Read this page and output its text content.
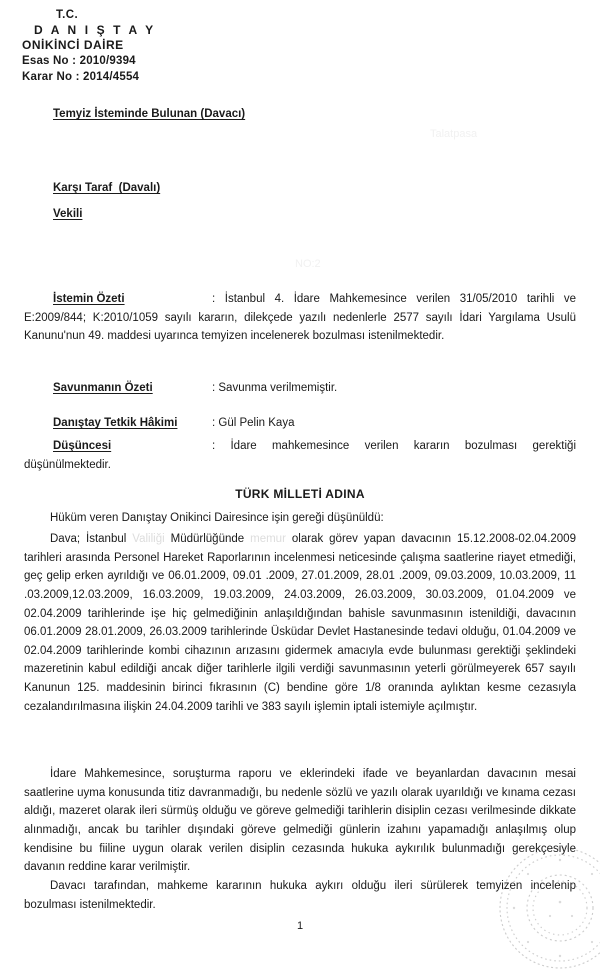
T.C.
D A N I Ş T A Y
ONİKİNCİ DAİRE
Esas No : 2010/9394
Karar No : 2014/4554
Temyiz İsteminde Bulunan (Davacı)
Talatpasa
NO:2
Karşı Taraf  (Davalı)
Vekili

İstemin Özeti	: İstanbul 4. İdare Mahkemesince verilen 31/05/2010 tarihli ve E:2009/844; K:2010/1059 sayılı kararın, dilekçede yazılı nedenlerle 2577 sayılı İdari Yargılama Usulü Kanunu'nun 49. maddesi uyarınca temyizen incelenerek bozulması istenilmektedir.

Savunmanın Özeti	: Savunma verilmemiştir.

Danıştay Tetkik Hâkimi	: Gül Pelin Kaya

Düşüncesi	: İdare mahkemesince verilen kararın bozulması gerektiği düşünülmektedir.

TÜRK MİLLETİ ADINA

Hüküm veren Danıştay Onikinci Dairesince işin gereği düşünüldü:

Dava; İstanbul Valiliği Müdürlüğünde memur olarak görev yapan davacının 15.12.2008-02.04.2009 tarihleri arasında Personel Hareket Raporlarının incelenmesi neticesinde çalışma saatlerine riayet etmediği, geç gelip erken ayrıldığı ve 06.01.2009, 09.01 .2009, 27.01.2009, 28.01 .2009, 09.03.2009, 10.03.2009, 11 .03.2009,12.03.2009, 16.03.2009, 19.03.2009, 24.03.2009, 26.03.2009, 30.03.2009, 01.04.2009 ve 02.04.2009 tarihlerinde işe hiç gelmediğinin anlaşıldığından bahisle savunmasının istenildiği, davacının 06.01.2009 28.01.2009, 26.03.2009 tarihlerinde Üsküdar Devlet Hastanesinde tedavi olduğu, 01.04.2009 ve 02.04.2009 tarihlerinde kombi cihazının arızasını gidermek amacıyla evde bulunması gerektiği şeklindeki mazeretinin kabul edildiği ancak diğer tarihlerle ilgili verdiği savunmasının yeterli görülmeyerek 657 sayılı Kanunun 125. maddesinin birinci fıkrasının (C) bendine göre 1/8 oranında aylıktan kesme cezasıyla cezalandırılmasına ilişkin 24.04.2009 tarihli ve 383 sayılı işlemin iptali istemiyle açılmıştır.

İdare Mahkemesince, soruşturma raporu ve eklerindeki ifade ve beyanlardan davacının mesai saatlerine uyma konusunda titiz davranmadığı, bu nedenle sözlü ve yazılı olarak uyarıldığı ve kınama cezası aldığı, mazeret olarak ileri sürmüş olduğu ve göreve gelmediği tarihlerin disiplin cezası verilmesinde dikkate alınmadığı, ancak bu tarihler dışındaki göreve gelmediği günlerin izahını yapamadığı anlaşılmış olup kendisine bu fiiline uygun olarak verilen disiplin cezasında hukuka aykırılık bulunmadığı gerekçesiyle davanın reddine karar verilmiştir.

Davacı tarafından, mahkeme kararının hukuka aykırı olduğu ileri sürülerek temyizen incelenip bozulması istenilmektedir.

1
